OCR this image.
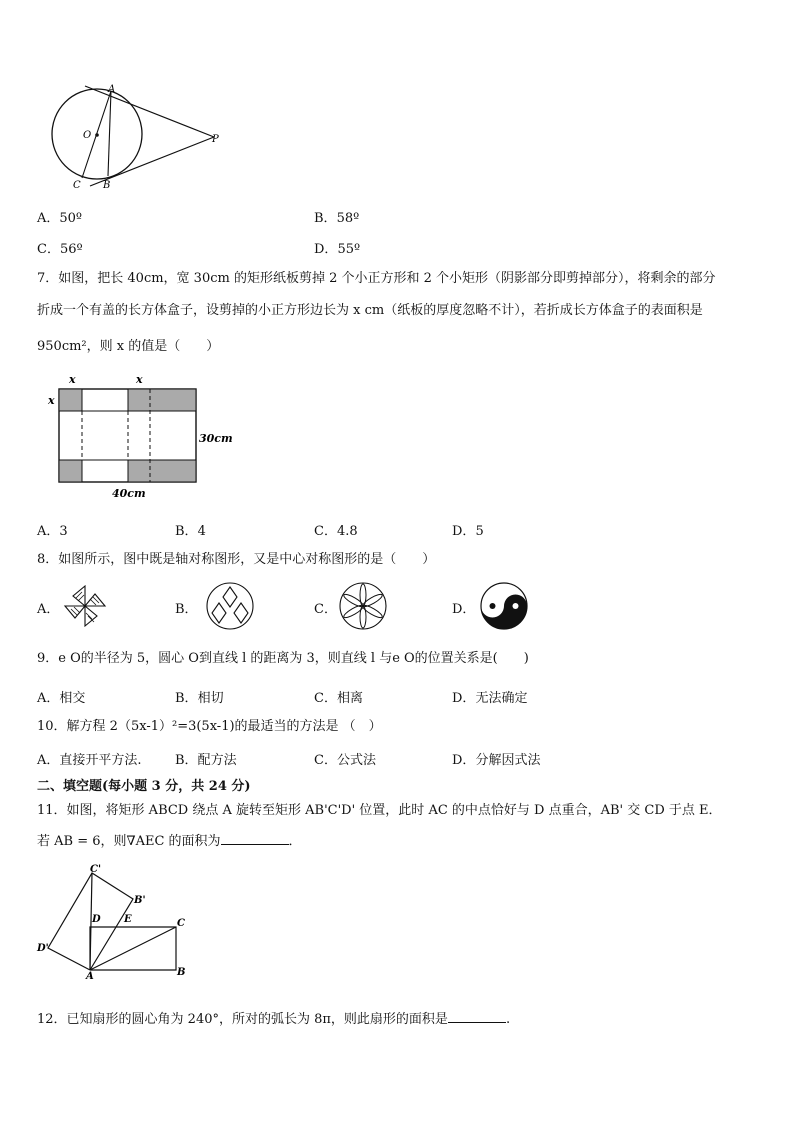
A
O	P
C B
A．50º	B．58º
C．56º	D．55º
7．如图，把长 40cm，宽 30cm 的矩形纸板剪掉 2 个小正方形和 2 个小矩形（阴影部分即剪掉部分），将剩余的部分
折成一个有盖的长方体盒子，设剪掉的小正方形边长为 x cm（纸板的厚度忽略不计），若折成长方体盒子的表面积是
950cm²，则 x 的值是（　　）
x	x
x
30cm
40cm
A．3	B．4	C．4.8	D．5
8．如图所示，图中既是轴对称图形，又是中心对称图形的是（　　）
A．	B．	C．	D．
9．e O的半径为 5，圆心 O到直线 l 的距离为 3，则直线 l 与e O的位置关系是(　　)
A．相交	B．相切	C．相离	D．无法确定
10．解方程 2（5x-1）²=3(5x-1)的最适当的方法是 （　）
A．直接开平方法.	B．配方法	C．公式法	D．分解因式法
二、填空题(每小题 3 分，共 24 分)
11．如图，将矩形 ABCD 绕点 A 旋转至矩形 AB'C'D' 位置，此时 AC 的中点恰好与 D 点重合，AB' 交 CD 于点 E．
若 AB = 6，则∇AEC 的面积为	．
C'
B'
D E	C
D'
A	B
12．已知扇形的圆心角为 240°，所对的弧长为 8π，则此扇形的面积是	.
